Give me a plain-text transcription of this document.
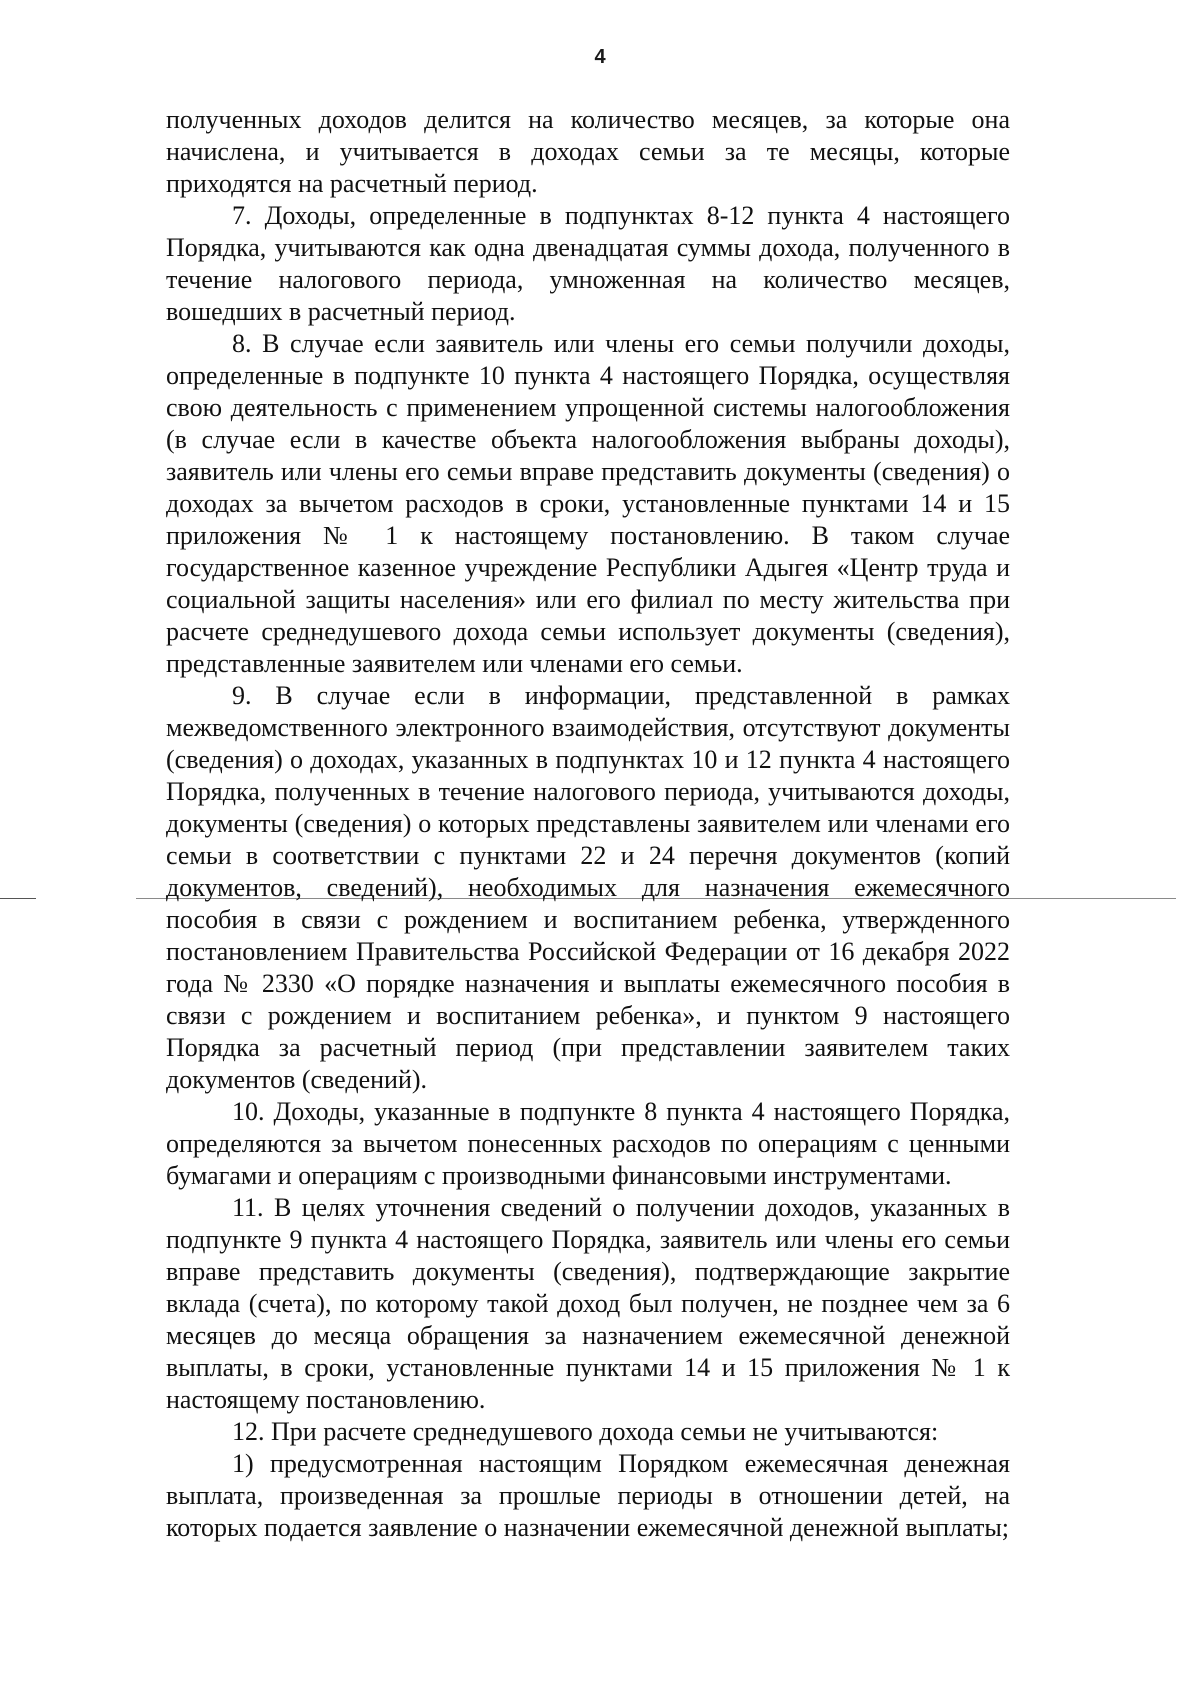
4

полученных доходов делится на количество месяцев, за которые она начислена, и учитывается в доходах семьи за те месяцы, которые приходятся на расчетный период.

7. Доходы, определенные в подпунктах 8-12 пункта 4 настоящего Порядка, учитываются как одна двенадцатая суммы дохода, полученного в течение налогового периода, умноженная на количество месяцев, вошедших в расчетный период.

8. В случае если заявитель или члены его семьи получили доходы, определенные в подпункте 10 пункта 4 настоящего Порядка, осуществляя свою деятельность с применением упрощенной системы налогообложения (в случае если в качестве объекта налогообложения выбраны доходы), заявитель или члены его семьи вправе представить документы (сведения) о доходах за вычетом расходов в сроки, установленные пунктами 14 и 15 приложения № 1 к настоящему постановлению. В таком случае государственное казенное учреждение Республики Адыгея «Центр труда и социальной защиты населения» или его филиал по месту жительства при расчете среднедушевого дохода семьи использует документы (сведения), представленные заявителем или членами его семьи.

9. В случае если в информации, представленной в рамках межведомственного электронного взаимодействия, отсутствуют документы (сведения) о доходах, указанных в подпунктах 10 и 12 пункта 4 настоящего Порядка, полученных в течение налогового периода, учитываются доходы, документы (сведения) о которых представлены заявителем или членами его семьи в соответствии с пунктами 22 и 24 перечня документов (копий документов, сведений), необходимых для назначения ежемесячного пособия в связи с рождением и воспитанием ребенка, утвержденного постановлением Правительства Российской Федерации от 16 декабря 2022 года № 2330 «О порядке назначения и выплаты ежемесячного пособия в связи с рождением и воспитанием ребенка», и пунктом 9 настоящего Порядка за расчетный период (при представлении заявителем таких документов (сведений).

10. Доходы, указанные в подпункте 8 пункта 4 настоящего Порядка, определяются за вычетом понесенных расходов по операциям с ценными бумагами и операциям с производными финансовыми инструментами.

11. В целях уточнения сведений о получении доходов, указанных в подпункте 9 пункта 4 настоящего Порядка, заявитель или члены его семьи вправе представить документы (сведения), подтверждающие закрытие вклада (счета), по которому такой доход был получен, не позднее чем за 6 месяцев до месяца обращения за назначением ежемесячной денежной выплаты, в сроки, установленные пунктами 14 и 15 приложения № 1 к настоящему постановлению.

12. При расчете среднедушевого дохода семьи не учитываются:

1) предусмотренная настоящим Порядком ежемесячная денежная выплата, произведенная за прошлые периоды в отношении детей, на которых подается заявление о назначении ежемесячной денежной выплаты;
